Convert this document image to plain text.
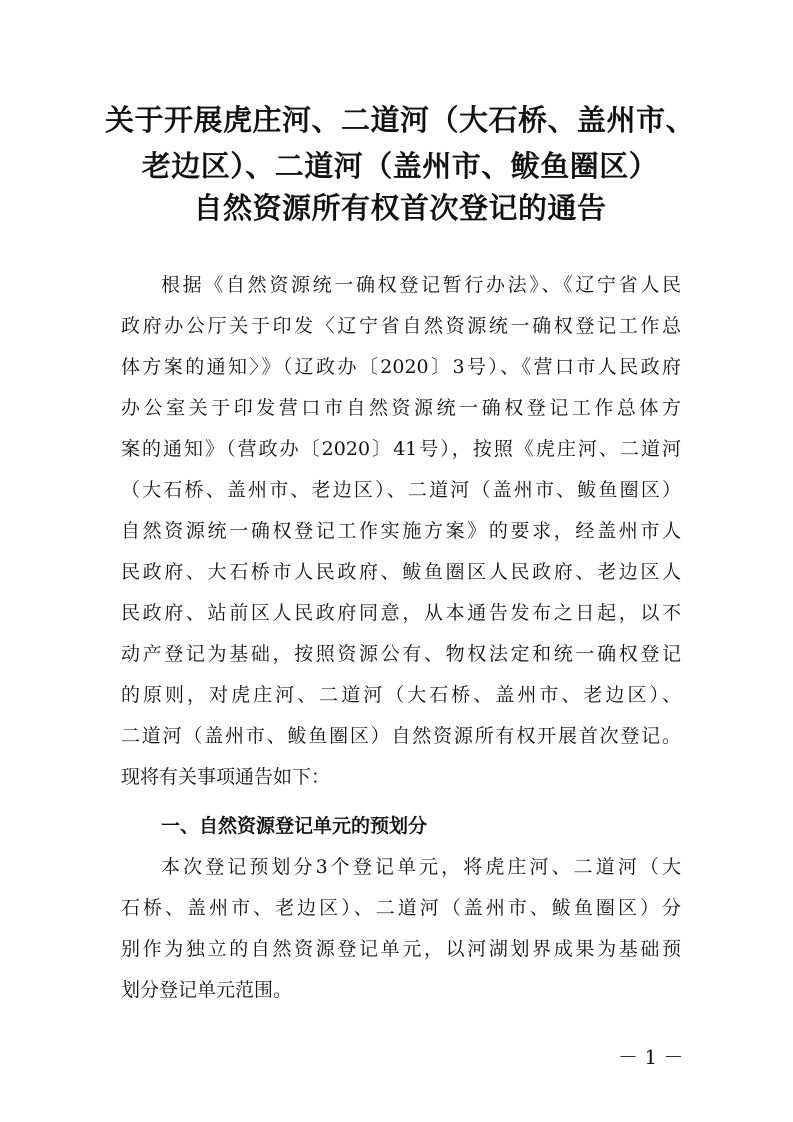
关于开展虎庄河、二道河（大石桥、盖州市、
老边区）、二道河（盖州市、鲅鱼圈区）
自然资源所有权首次登记的通告
根据《自然资源统一确权登记暂行办法》、《辽宁省人民
政府办公厅关于印发〈辽宁省自然资源统一确权登记工作总
体方案的通知〉》（辽政办〔2020〕3号）、《营口市人民政府
办公室关于印发营口市自然资源统一确权登记工作总体方
案的通知》（营政办〔2020〕41号），按照《虎庄河、二道河
（大石桥、盖州市、老边区）、二道河（盖州市、鲅鱼圈区）
自然资源统一确权登记工作实施方案》的要求，经盖州市人
民政府、大石桥市人民政府、鲅鱼圈区人民政府、老边区人
民政府、站前区人民政府同意，从本通告发布之日起，以不
动产登记为基础，按照资源公有、物权法定和统一确权登记
的原则，对虎庄河、二道河（大石桥、盖州市、老边区）、
二道河（盖州市、鲅鱼圈区）自然资源所有权开展首次登记。
现将有关事项通告如下：
一、自然资源登记单元的预划分
本次登记预划分3个登记单元，将虎庄河、二道河（大
石桥、盖州市、老边区）、二道河（盖州市、鲅鱼圈区）分
别作为独立的自然资源登记单元，以河湖划界成果为基础预
划分登记单元范围。
－ 1 －
